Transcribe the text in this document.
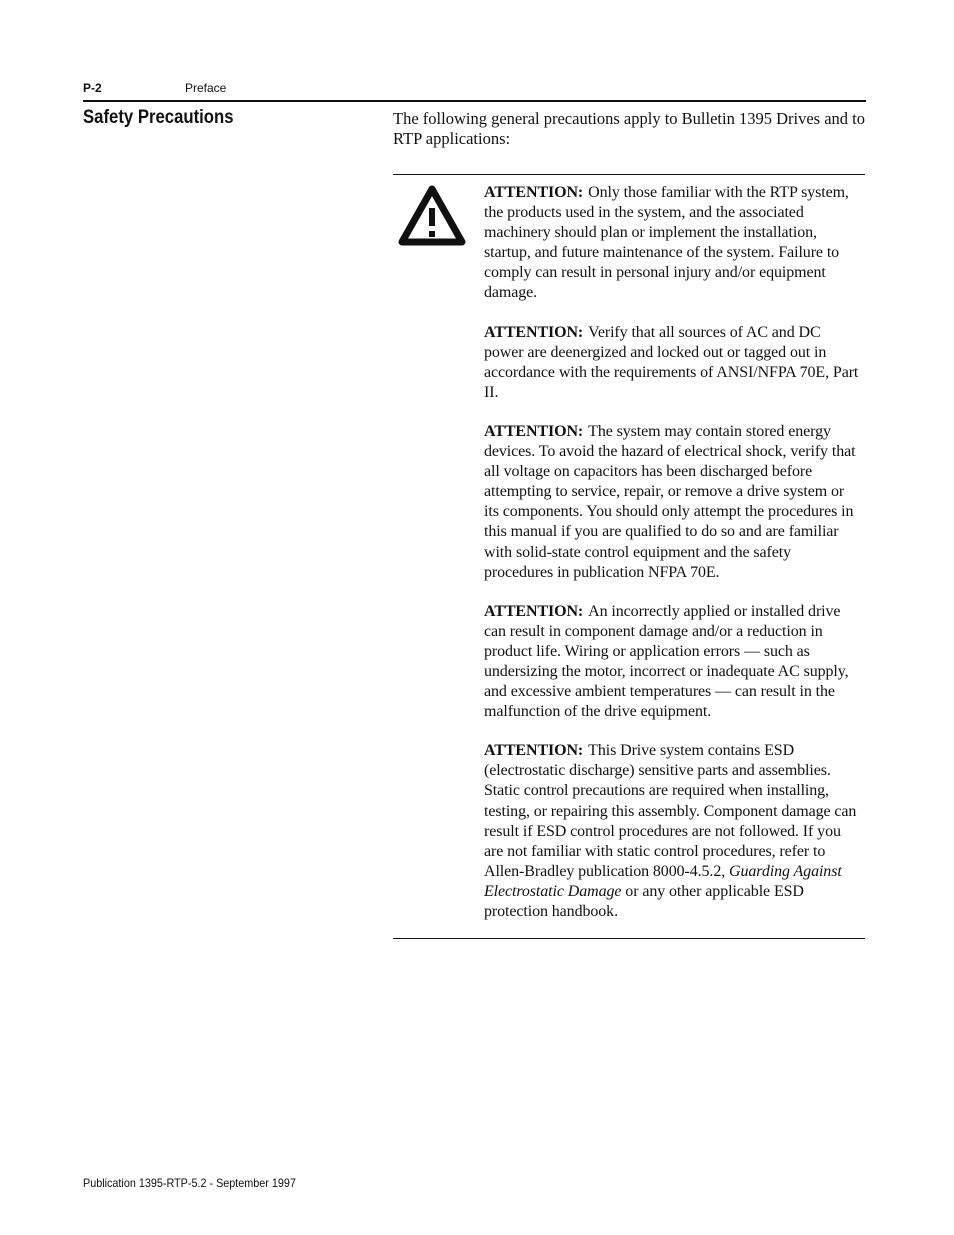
P-2	Preface
Safety Precautions	The following general precautions apply to Bulletin 1395 Drives and to RTP applications:

ATTENTION: Only those familiar with the RTP system, the products used in the system, and the associated machinery should plan or implement the installation, startup, and future maintenance of the system. Failure to comply can result in personal injury and/or equipment damage.

ATTENTION: Verify that all sources of AC and DC power are deenergized and locked out or tagged out in accordance with the requirements of ANSI/NFPA 70E, Part II.

ATTENTION: The system may contain stored energy devices. To avoid the hazard of electrical shock, verify that all voltage on capacitors has been discharged before attempting to service, repair, or remove a drive system or its components. You should only attempt the procedures in this manual if you are qualified to do so and are familiar with solid-state control equipment and the safety procedures in publication NFPA 70E.

ATTENTION: An incorrectly applied or installed drive can result in component damage and/or a reduction in product life. Wiring or application errors — such as undersizing the motor, incorrect or inadequate AC supply, and excessive ambient temperatures — can result in the malfunction of the drive equipment.

ATTENTION: This Drive system contains ESD (electrostatic discharge) sensitive parts and assemblies. Static control precautions are required when installing, testing, or repairing this assembly. Component damage can result if ESD control procedures are not followed. If you are not familiar with static control procedures, refer to Allen-Bradley publication 8000-4.5.2, Guarding Against Electrostatic Damage or any other applicable ESD protection handbook.

Publication 1395-RTP-5.2 - September 1997
